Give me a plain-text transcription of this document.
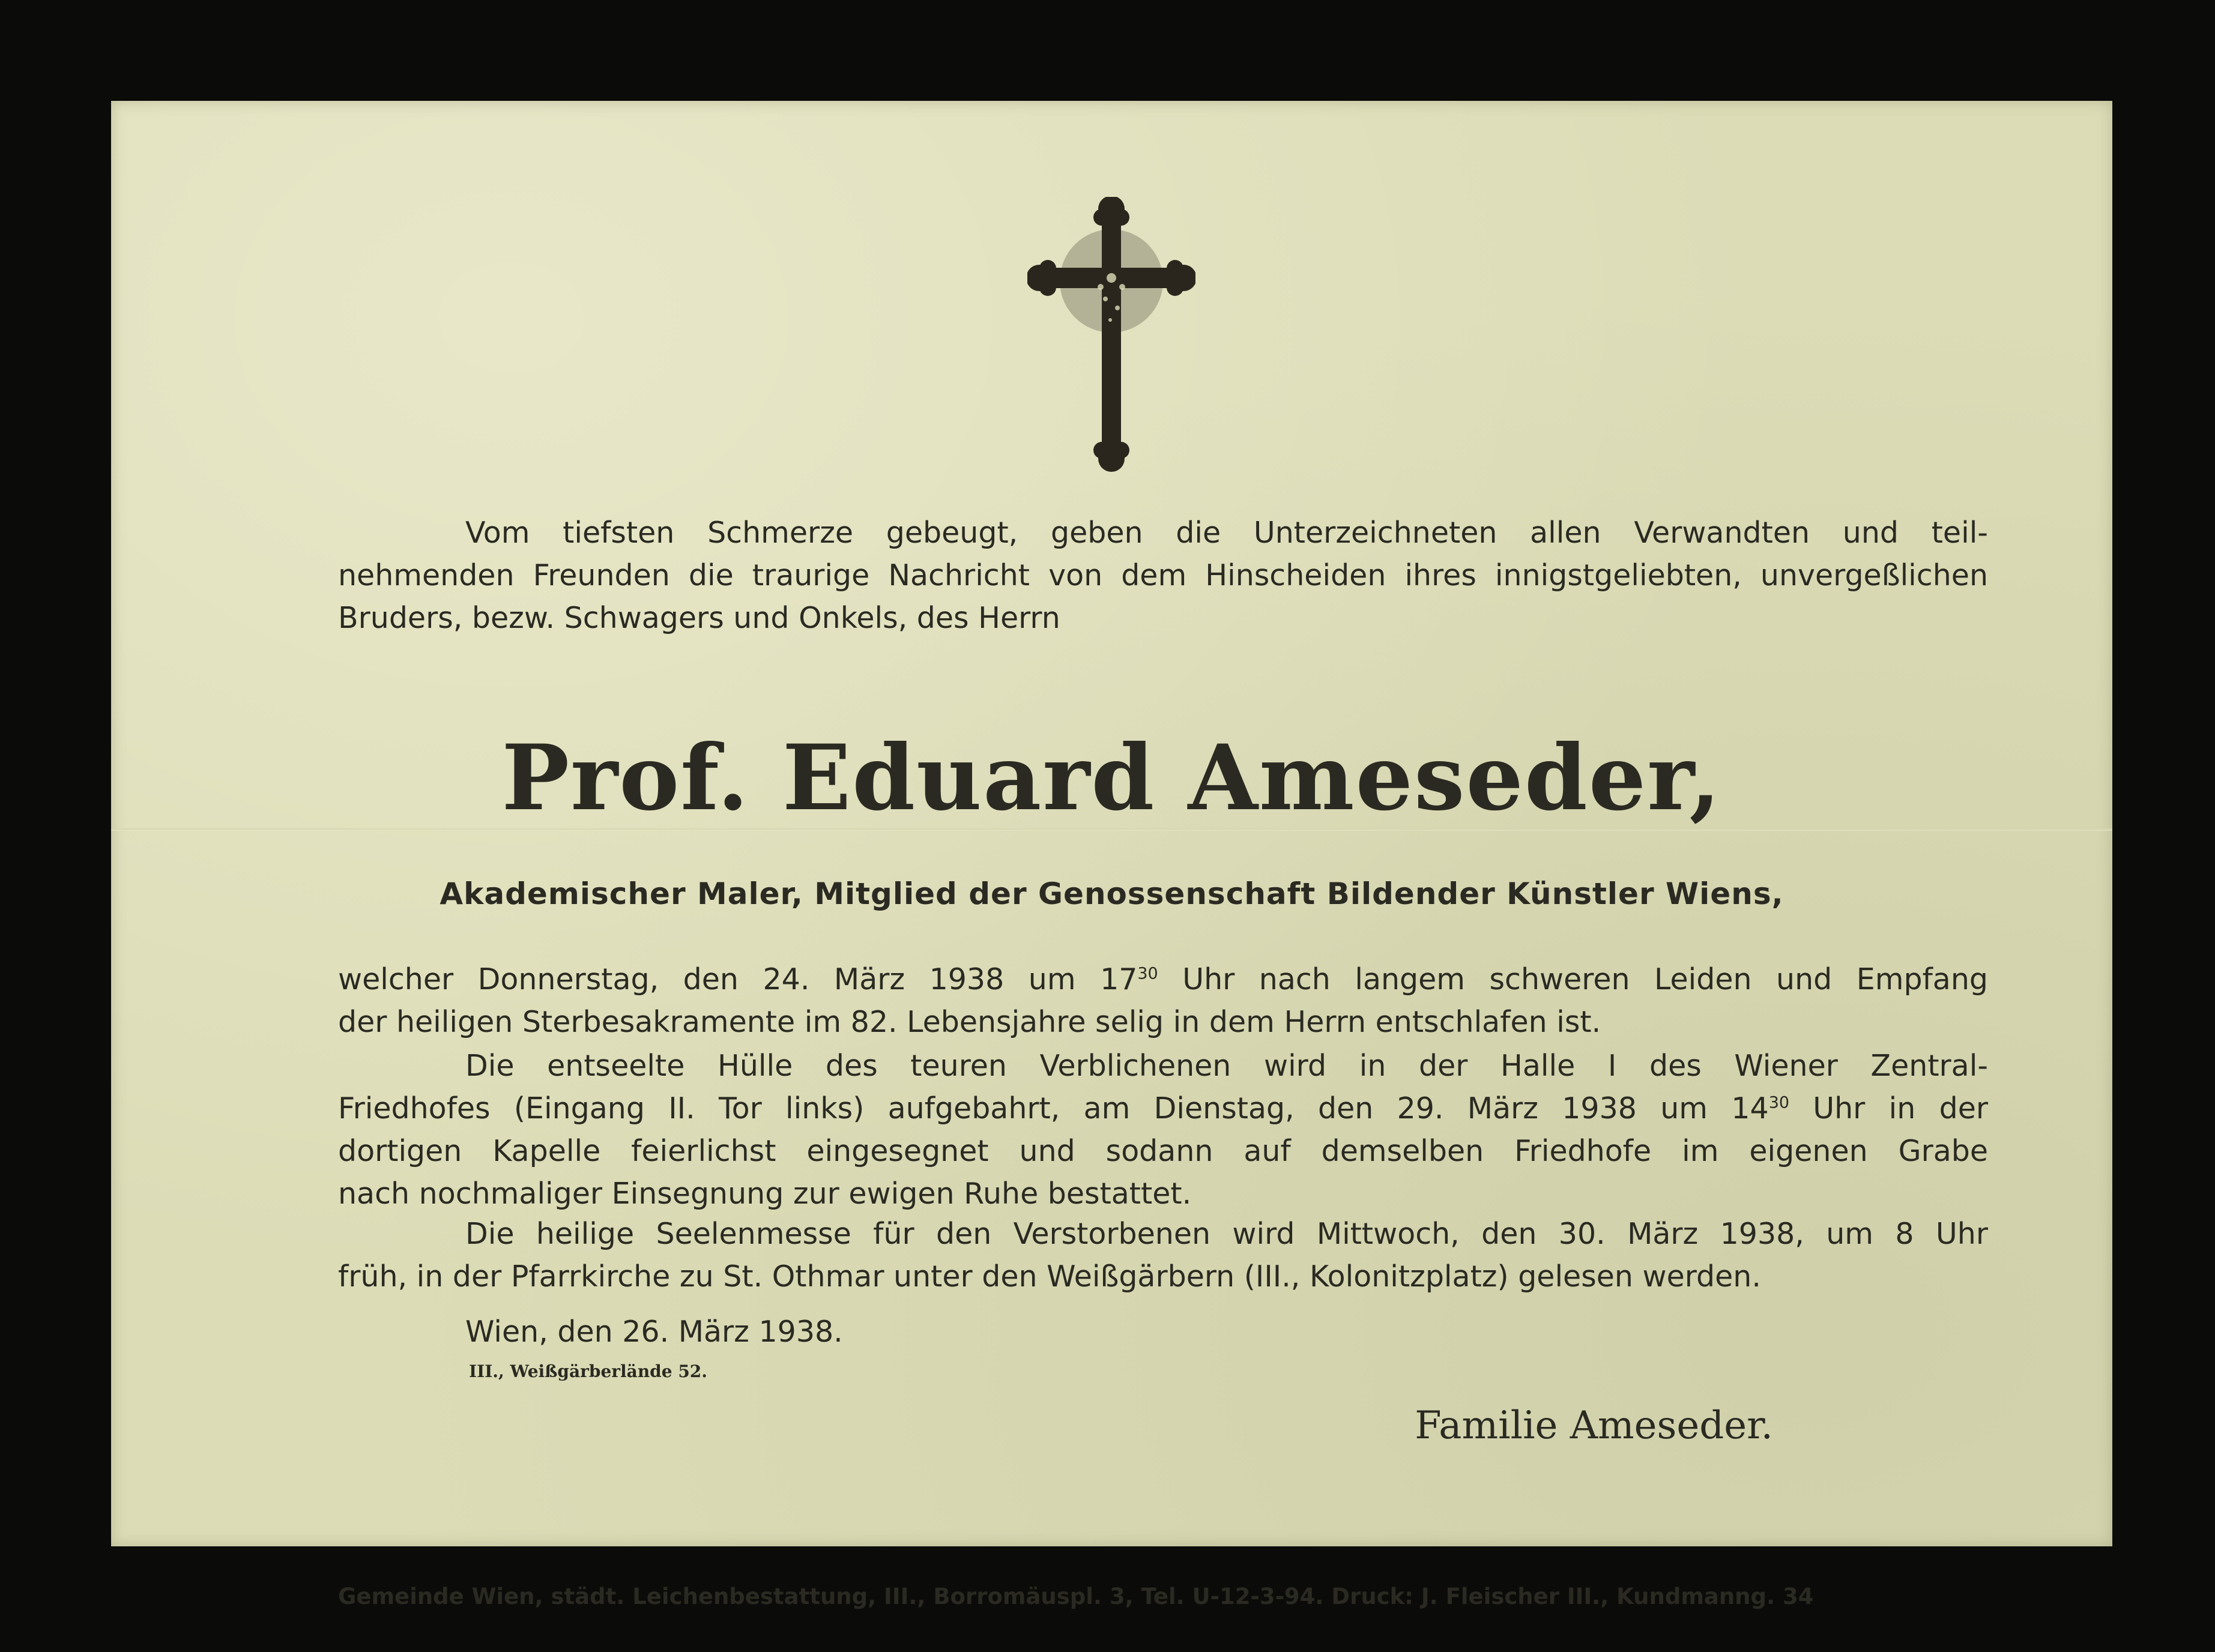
Vom tiefsten Schmerze gebeugt, geben die Unterzeichneten allen Verwandten und teil-
nehmenden Freunden die traurige Nachricht von dem Hinscheiden ihres innigstgeliebten, unvergeßlichen
Bruders, bezw. Schwagers und Onkels, des Herrn
Prof. Eduard Ameseder,
Akademischer Maler, Mitglied der Genossenschaft Bildender Künstler Wiens,
welcher Donnerstag, den 24. März 1938 um $17^{30}$ Uhr nach langem schweren Leiden und Empfang
der heiligen Sterbesakramente im 82. Lebensjahre selig in dem Herrn entschlafen ist.
Die entseelte Hülle des teuren Verblichenen wird in der Halle I des Wiener Zentral-
Friedhofes (Eingang II. Tor links) aufgebahrt, am Dienstag, den 29. März 1938 um $14^{30}$ Uhr in der
dortigen Kapelle feierlichst eingesegnet und sodann auf demselben Friedhofe im eigenen Grabe
nach nochmaliger Einsegnung zur ewigen Ruhe bestattet.
Die heilige Seelenmesse für den Verstorbenen wird Mittwoch, den 30. März 1938, um 8 Uhr
früh, in der Pfarrkirche zu St. Othmar unter den Weißgärbern (III., Kolonitzplatz) gelesen werden.
Wien, den 26. März 1938.
III., Weißgärberlände 52.
Familie Ameseder.
Gemeinde Wien, städt. Leichenbestattung, III., Borromäuspl. 3, Tel. U-12-3-94. Druck: J. Fleischer III., Kundmanng. 34
